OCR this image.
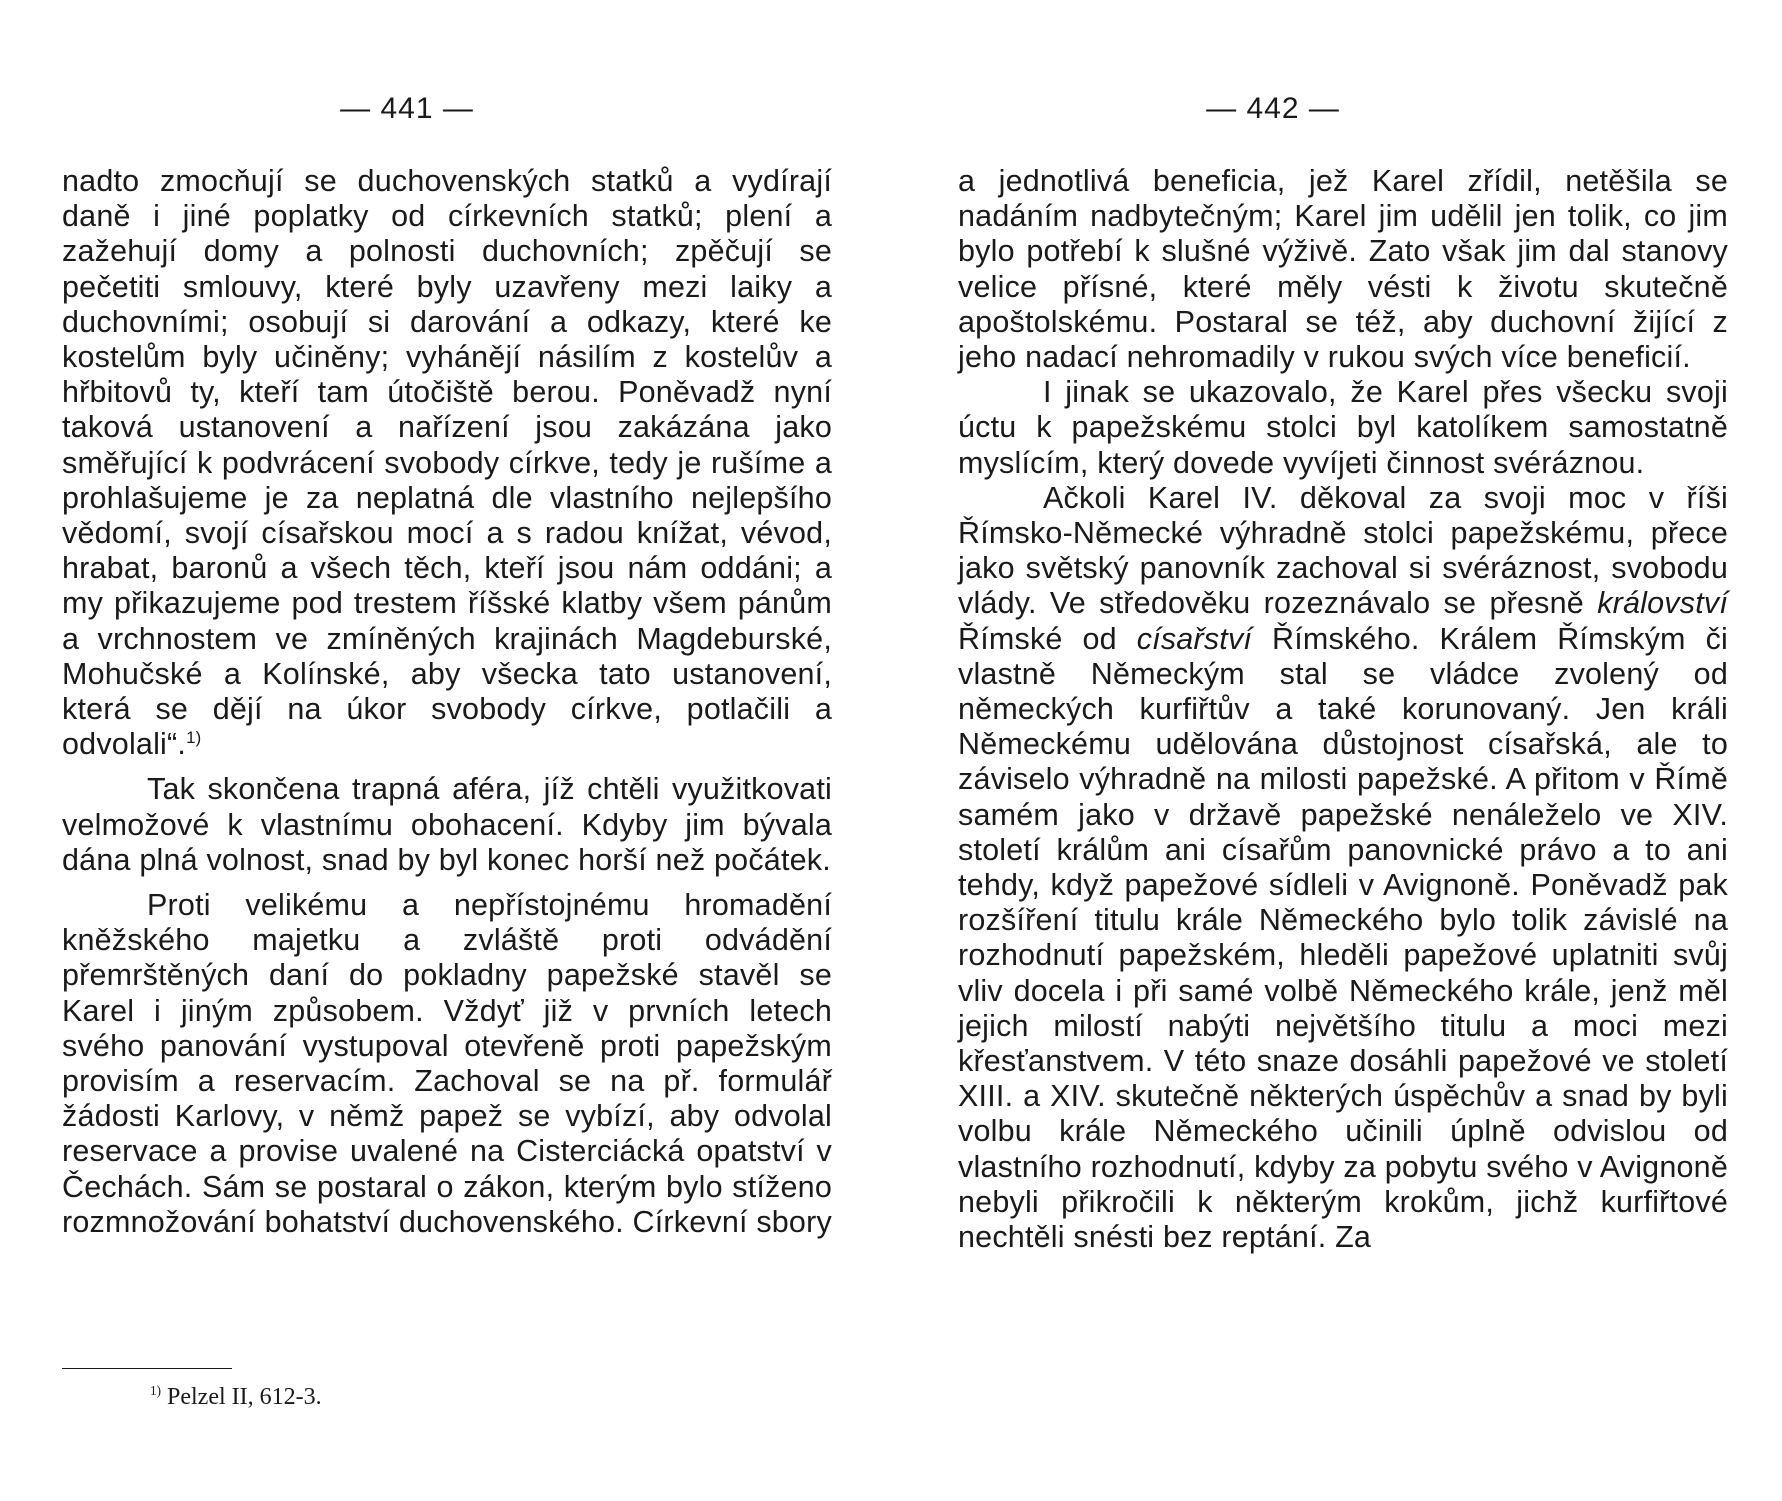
— 441 —

nadto zmocňují se duchovenských statků a vydírají daně i jiné poplatky od církevních statků; plení a zažehují domy a polnosti duchovních; zpěčují se pečetiti smlouvy, které byly uzavřeny mezi laiky a duchovními; osobují si darování a odkazy, které ke kostelům byly učiněny; vyhánějí násilím z kostelův a hřbitovů ty, kteří tam útočiště berou. Poněvadž nyní taková ustanovení a nařízení jsou zakázána jako směřující k podvrácení svobody církve, tedy je rušíme a prohlašujeme je za neplatná dle vlastního nejlepšího vědomí, svojí císařskou mocí a s radou knížat, vévod, hrabat, baronů a všech těch, kteří jsou nám oddáni; a my přikazujeme pod trestem říšské klatby všem pánům a vrchnostem ve zmíněných krajinách Magdeburské, Mohučské a Kolínské, aby všecka tato ustanovení, která se dějí na úkor svobody církve, potlačili a odvolali“.$^{1)}$

Tak skončena trapná aféra, jíž chtěli využitkovati velmožové k vlastnímu obohacení. Kdyby jim bývala dána plná volnost, snad by byl konec horší než počátek.

Proti velikému a nepřístojnému hromadění kněžského majetku a zvláště proti odvádění přemrštěných daní do pokladny papežské stavěl se Karel i jiným způsobem. Vždyť již v prvních letech svého panování vystupoval otevřeně proti papežským provisím a reservacím. Zachoval se na př. formulář žádosti Karlovy, v němž papež se vybízí, aby odvolal reservace a provise uvalené na Cisterciácká opatství v Čechách. Sám se postaral o zákon, kterým bylo stíženo rozmnožování bohatství duchovenského. Církevní sbory

$^{1)}$ Pelzel II, 612-3.
— 442 —

a jednotlivá beneficia, jež Karel zřídil, netěšila se nadáním nadbytečným; Karel jim udělil jen tolik, co jim bylo potřebí k slušné výživě. Zato však jim dal stanovy velice přísné, které měly vésti k životu skutečně apoštolskému. Postaral se též, aby duchovní žijící z jeho nadací nehromadily v rukou svých více beneficií.

I jinak se ukazovalo, že Karel přes všecku svoji úctu k papežskému stolci byl katolíkem samostatně myslícím, který dovede vyvíjeti činnost svéráznou.

Ačkoli Karel IV. děkoval za svoji moc v říši Římsko-Německé výhradně stolci papežskému, přece jako světský panovník zachoval si svéráznost, svobodu vlády. Ve středověku rozeznávalo se přesně království Římské od císařství Římského. Králem Římským či vlastně Německým stal se vládce zvolený od německých kurfiřtův a také korunovaný. Jen králi Německému udělována důstojnost císařská, ale to záviselo výhradně na milosti papežské. A přitom v Římě samém jako v državě papežské nenáleželo ve XIV. století králům ani císařům panovnické právo a to ani tehdy, když papežové sídleli v Avignoně. Poněvadž pak rozšíření titulu krále Německého bylo tolik závislé na rozhodnutí papežském, hleděli papežové uplatniti svůj vliv docela i při samé volbě Německého krále, jenž měl jejich milostí nabýti největšího titulu a moci mezi křesťanstvem. V této snaze dosáhli papežové ve století XIII. a XIV. skutečně některých úspěchův a snad by byli volbu krále Německého učinili úplně odvislou od vlastního rozhodnutí, kdyby za pobytu svého v Avignoně nebyli přikročili k některým krokům, jichž kurfiřtové nechtěli snésti bez reptání. Za
